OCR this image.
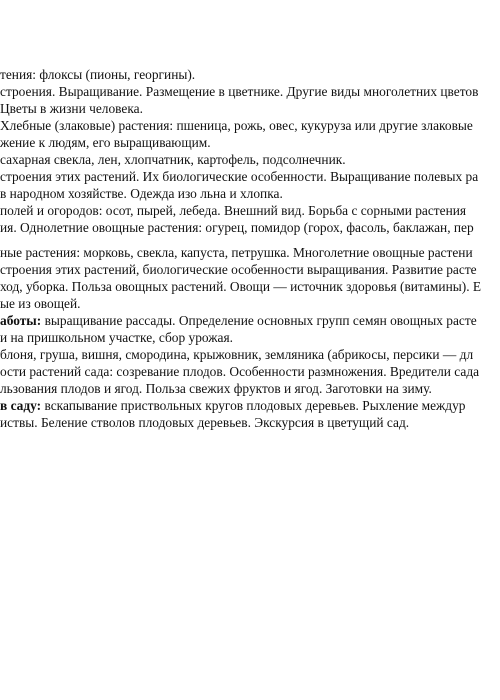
тения: флоксы (пионы, георгины).
строения. Выращивание. Размещение в цветнике. Другие виды многолетних цветов
Цветы в жизни человека.
Хлебные (злаковые) растения: пшеница, рожь, овес, кукуруза или другие злаковые
жение к людям, его выращивающим.
сахарная свекла, лен, хлопчатник, картофель, подсолнечник.
строения этих растений. Их биологические особенности. Выращивание полевых ра
в народном хозяйстве. Одежда изо льна и хлопка.
полей и огородов: осот, пырей, лебеда. Внешний вид. Борьба с сорными растения
ия. Однолетние овощные растения: огурец, помидор (горох, фасоль, баклажан, пер
ные растения: морковь, свекла, капуста, петрушка. Многолетние овощные растени
строения этих растений, биологические особенности выращивания. Развитие расте
ход, уборка. Польза овощных растений. Овощи — источник здоровья (витамины). Е
ые из овощей.
аботы: выращивание рассады. Определение основных групп семян овощных расте
и на пришкольном участке, сбор урожая.
блоня, груша, вишня, смородина, крыжовник, земляника (абрикосы, персики — дл
ости растений сада: созревание плодов. Особенности размножения. Вредители сада
льзования плодов и ягод. Польза свежих фруктов и ягод. Заготовки на зиму.
в саду: вскапывание приствольных кругов плодовых деревьев. Рыхление междур
иствы. Беление стволов плодовых деревьев. Экскурсия в цветущий сад.
